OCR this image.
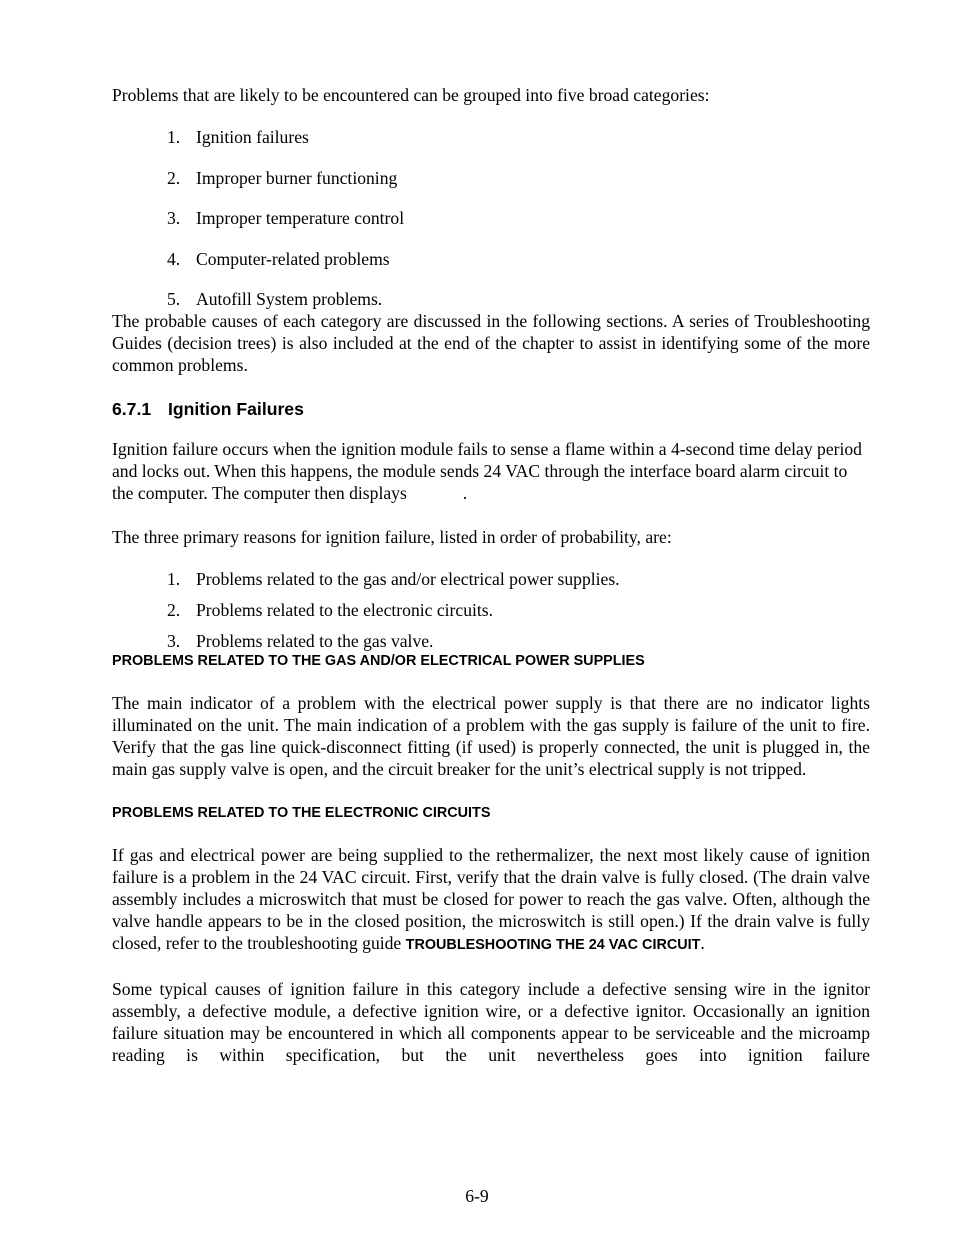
Problems that are likely to be encountered can be grouped into five broad categories:

1. Ignition failures
2. Improper burner functioning
3. Improper temperature control
4. Computer-related problems
5. Autofill System problems.

The probable causes of each category are discussed in the following sections. A series of Troubleshooting Guides (decision trees) is also included at the end of the chapter to assist in identifying some of the more common problems.

6.7.1 Ignition Failures

Ignition failure occurs when the ignition module fails to sense a flame within a 4-second time delay period and locks out. When this happens, the module sends 24 VAC through the interface board alarm circuit to the computer. The computer then displays	.

The three primary reasons for ignition failure, listed in order of probability, are:

1. Problems related to the gas and/or electrical power supplies.
2. Problems related to the electronic circuits.
3. Problems related to the gas valve.
PROBLEMS RELATED TO THE GAS AND/OR ELECTRICAL POWER SUPPLIES

The main indicator of a problem with the electrical power supply is that there are no indicator lights illuminated on the unit. The main indication of a problem with the gas supply is failure of the unit to fire. Verify that the gas line quick-disconnect fitting (if used) is properly connected, the unit is plugged in, the main gas supply valve is open, and the circuit breaker for the unit’s electrical supply is not tripped.

PROBLEMS RELATED TO THE ELECTRONIC CIRCUITS

If gas and electrical power are being supplied to the rethermalizer, the next most likely cause of ignition failure is a problem in the 24 VAC circuit. First, verify that the drain valve is fully closed. (The drain valve assembly includes a microswitch that must be closed for power to reach the gas valve. Often, although the valve handle appears to be in the closed position, the microswitch is still open.) If the drain valve is fully closed, refer to the troubleshooting guide TROUBLESHOOTING THE 24 VAC CIRCUIT.

Some typical causes of ignition failure in this category include a defective sensing wire in the ignitor assembly, a defective module, a defective ignition wire, or a defective ignitor. Occasionally an ignition failure situation may be encountered in which all components appear to be serviceable and the microamp reading is within specification, but the unit nevertheless goes into ignition failure

6-9
